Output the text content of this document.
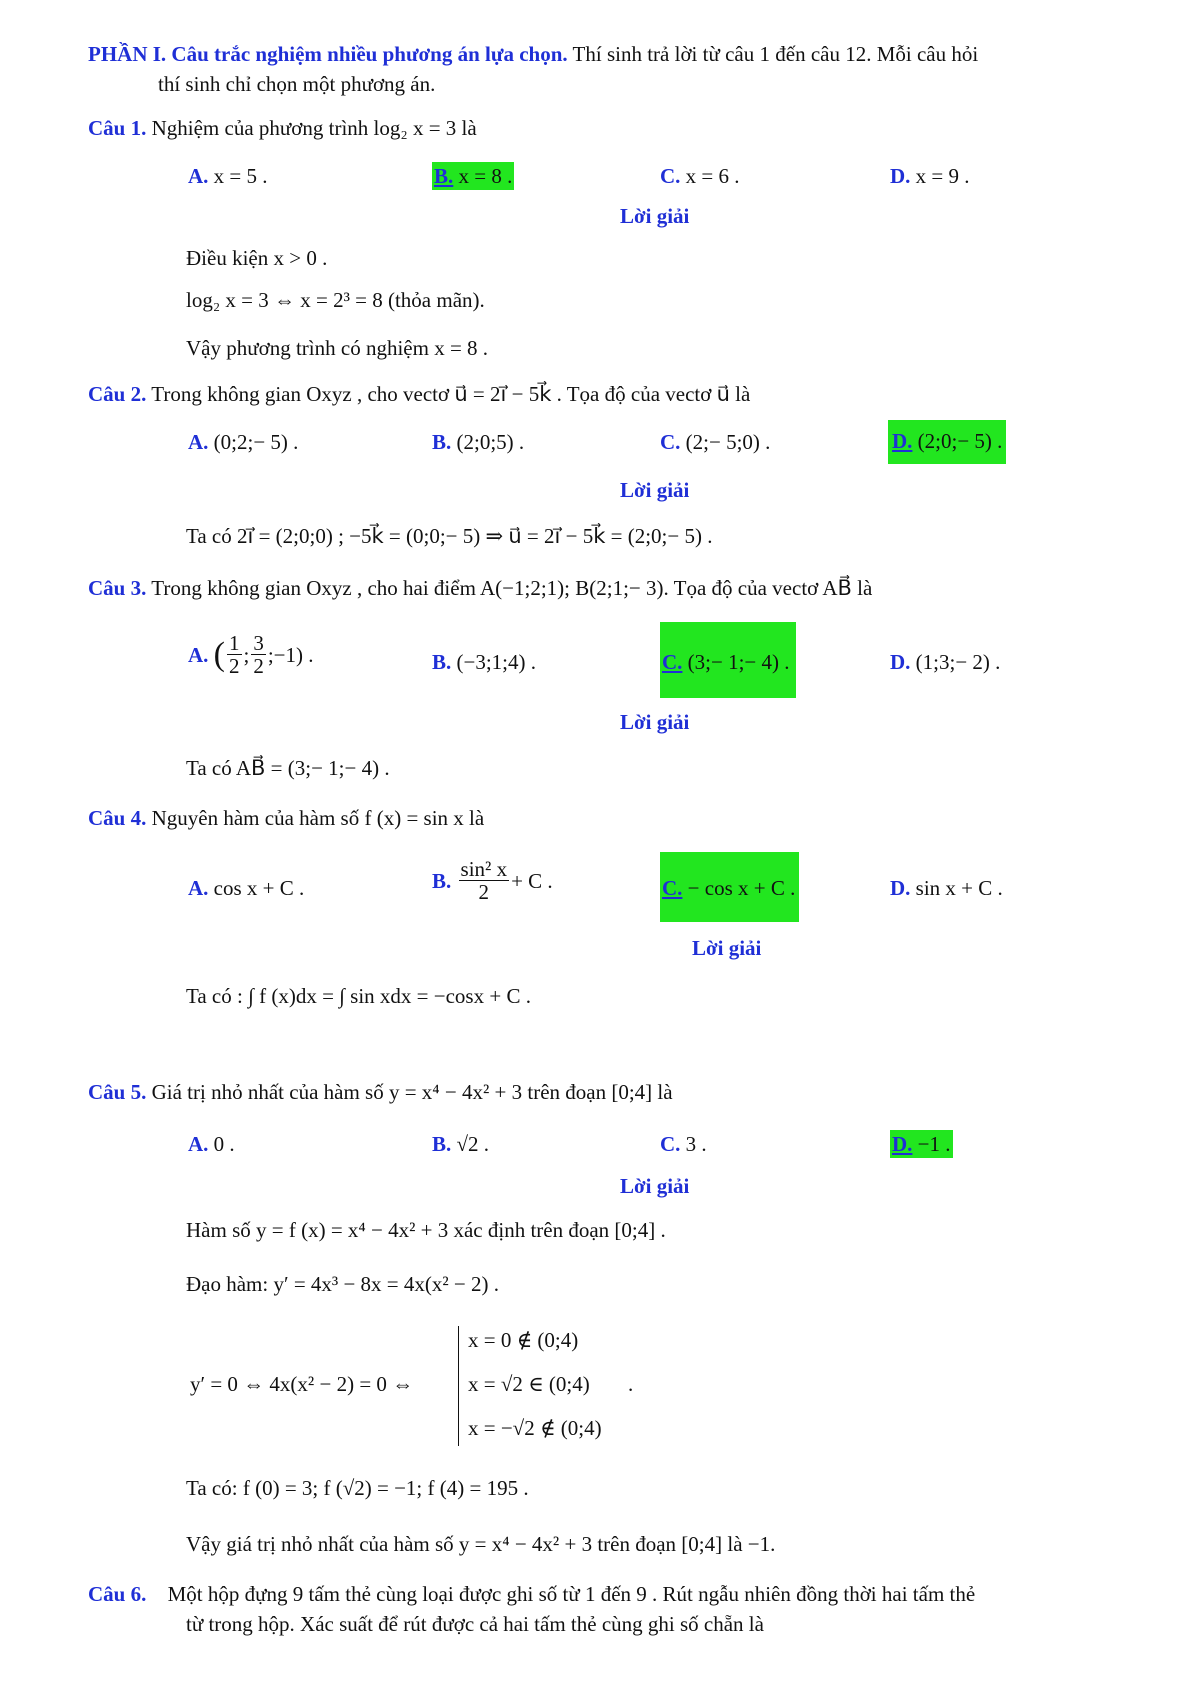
PHẦN I. Câu trắc nghiệm nhiều phương án lựa chọn. Thí sinh trả lời từ câu 1 đến câu 12. Mỗi câu hỏi
thí sinh chỉ chọn một phương án.
Câu 1. Nghiệm của phương trình log₂ x = 3 là
A. x = 5 .	B. x = 8 .	C. x = 6 .	D. x = 9 .
Lời giải
Điều kiện x > 0 .
log₂ x = 3 ⇔ x = 2³ = 8 (thỏa mãn).
Vậy phương trình có nghiệm x = 8 .
Câu 2. Trong không gian Oxyz , cho vectơ u⃗ = 2i⃗ − 5k⃗ . Tọa độ của vectơ u⃗ là
A. (0;2;− 5) .	B. (2;0;5) .	C. (2;− 5;0) .	D. (2;0;− 5) .
Lời giải
Ta có 2i⃗ = (2;0;0) ; −5k⃗ = (0;0;− 5) ⇒ u⃗ = 2i⃗ − 5k⃗ = (2;0;− 5) .
Câu 3. Trong không gian Oxyz , cho hai điểm A(−1;2;1); B(2;1;− 3). Tọa độ của vectơ AB⃗ là
A.
( $\frac{1}{2}$ ; $\frac{3}{2}$ ;−1) .	B. (−3;1;4) .	C. (3;− 1;− 4) .	D. (1;3;− 2) .
Lời giải
Ta có AB⃗ = (3;− 1;− 4) .
Câu 4. Nguyên hàm của hàm số f (x) = sin x là
A. cos x + C .	B.
$\frac{\text{sin² x}}{2} + C$ .	C. − cos x + C .	D. sin x + C .
Lời giải
Ta có : ∫ f (x)dx = ∫ sin xdx = −cosx + C .
Câu 5. Giá trị nhỏ nhất của hàm số y = x⁴ − 4x² + 3 trên đoạn [0;4] là
A. 0 .	B. √2 .	C. 3 .	D. −1 .
Lời giải
Hàm số y = f (x) = x⁴ − 4x² + 3 xác định trên đoạn [0;4] .
Đạo hàm: y′ = 4x³ − 8x = 4x(x² − 2) .
y′ = 0 ⇔ 4x(x² − 2) = 0 ⇔
x = 0 ∉ (0;4)
x = √2 ∈ (0;4)
x = −√2 ∉ (0;4)
.
Ta có: f (0) = 3; f (√2) = −1; f (4) = 195 .
Vậy giá trị nhỏ nhất của hàm số y = x⁴ − 4x² + 3 trên đoạn [0;4] là −1.
Câu 6. Một hộp đựng 9 tấm thẻ cùng loại được ghi số từ 1 đến 9 . Rút ngẫu nhiên đồng thời hai tấm thẻ
từ trong hộp. Xác suất để rút được cả hai tấm thẻ cùng ghi số chẵn là
